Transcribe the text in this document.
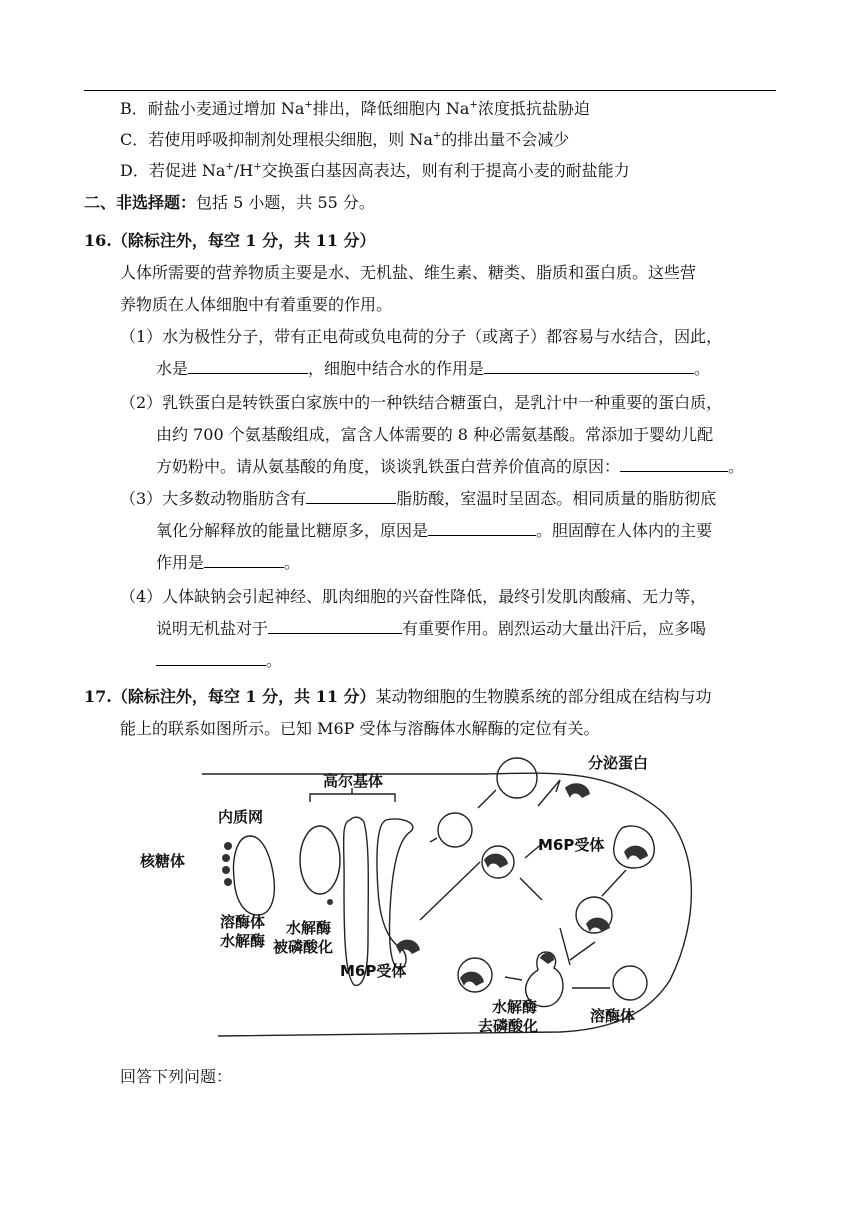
B．耐盐小麦通过增加 Na+排出，降低细胞内 Na+浓度抵抗盐胁迫
C．若使用呼吸抑制剂处理根尖细胞，则 Na+的排出量不会减少
D．若促进 Na+/H+交换蛋白基因高表达，则有利于提高小麦的耐盐能力
二、非选择题：包括 5 小题，共 55 分。
16.（除标注外，每空 1 分，共 11 分）
人体所需要的营养物质主要是水、无机盐、维生素、糖类、脂质和蛋白质。这些营
养物质在人体细胞中有着重要的作用。
（1）水为极性分子，带有正电荷或负电荷的分子（或离子）都容易与水结合，因此，
水是	，细胞中结合水的作用是	。
（2）乳铁蛋白是转铁蛋白家族中的一种铁结合糖蛋白，是乳汁中一种重要的蛋白质，
由约 700 个氨基酸组成，富含人体需要的 8 种必需氨基酸。常添加于婴幼儿配
方奶粉中。请从氨基酸的角度，谈谈乳铁蛋白营养价值高的原因：	。
（3）大多数动物脂肪含有	脂肪酸，室温时呈固态。相同质量的脂肪彻底
氧化分解释放的能量比糖原多，原因是	。胆固醇在人体内的主要
作用是	。
（4）人体缺钠会引起神经、肌肉细胞的兴奋性降低，最终引发肌肉酸痛、无力等，
说明无机盐对于	有重要作用。剧烈运动大量出汗后，应多喝
。
17.（除标注外，每空 1 分，共 11 分）某动物细胞的生物膜系统的部分组成在结构与功
能上的联系如图所示。已知 M6P 受体与溶酶体水解酶的定位有关。
高尔基体
内质网
核糖体
溶酶体
水解酶
水解酶
被磷酸化
M6P受体
M6P受体
分泌蛋白
水解酶
去磷酸化
溶酶体
回答下列问题：
